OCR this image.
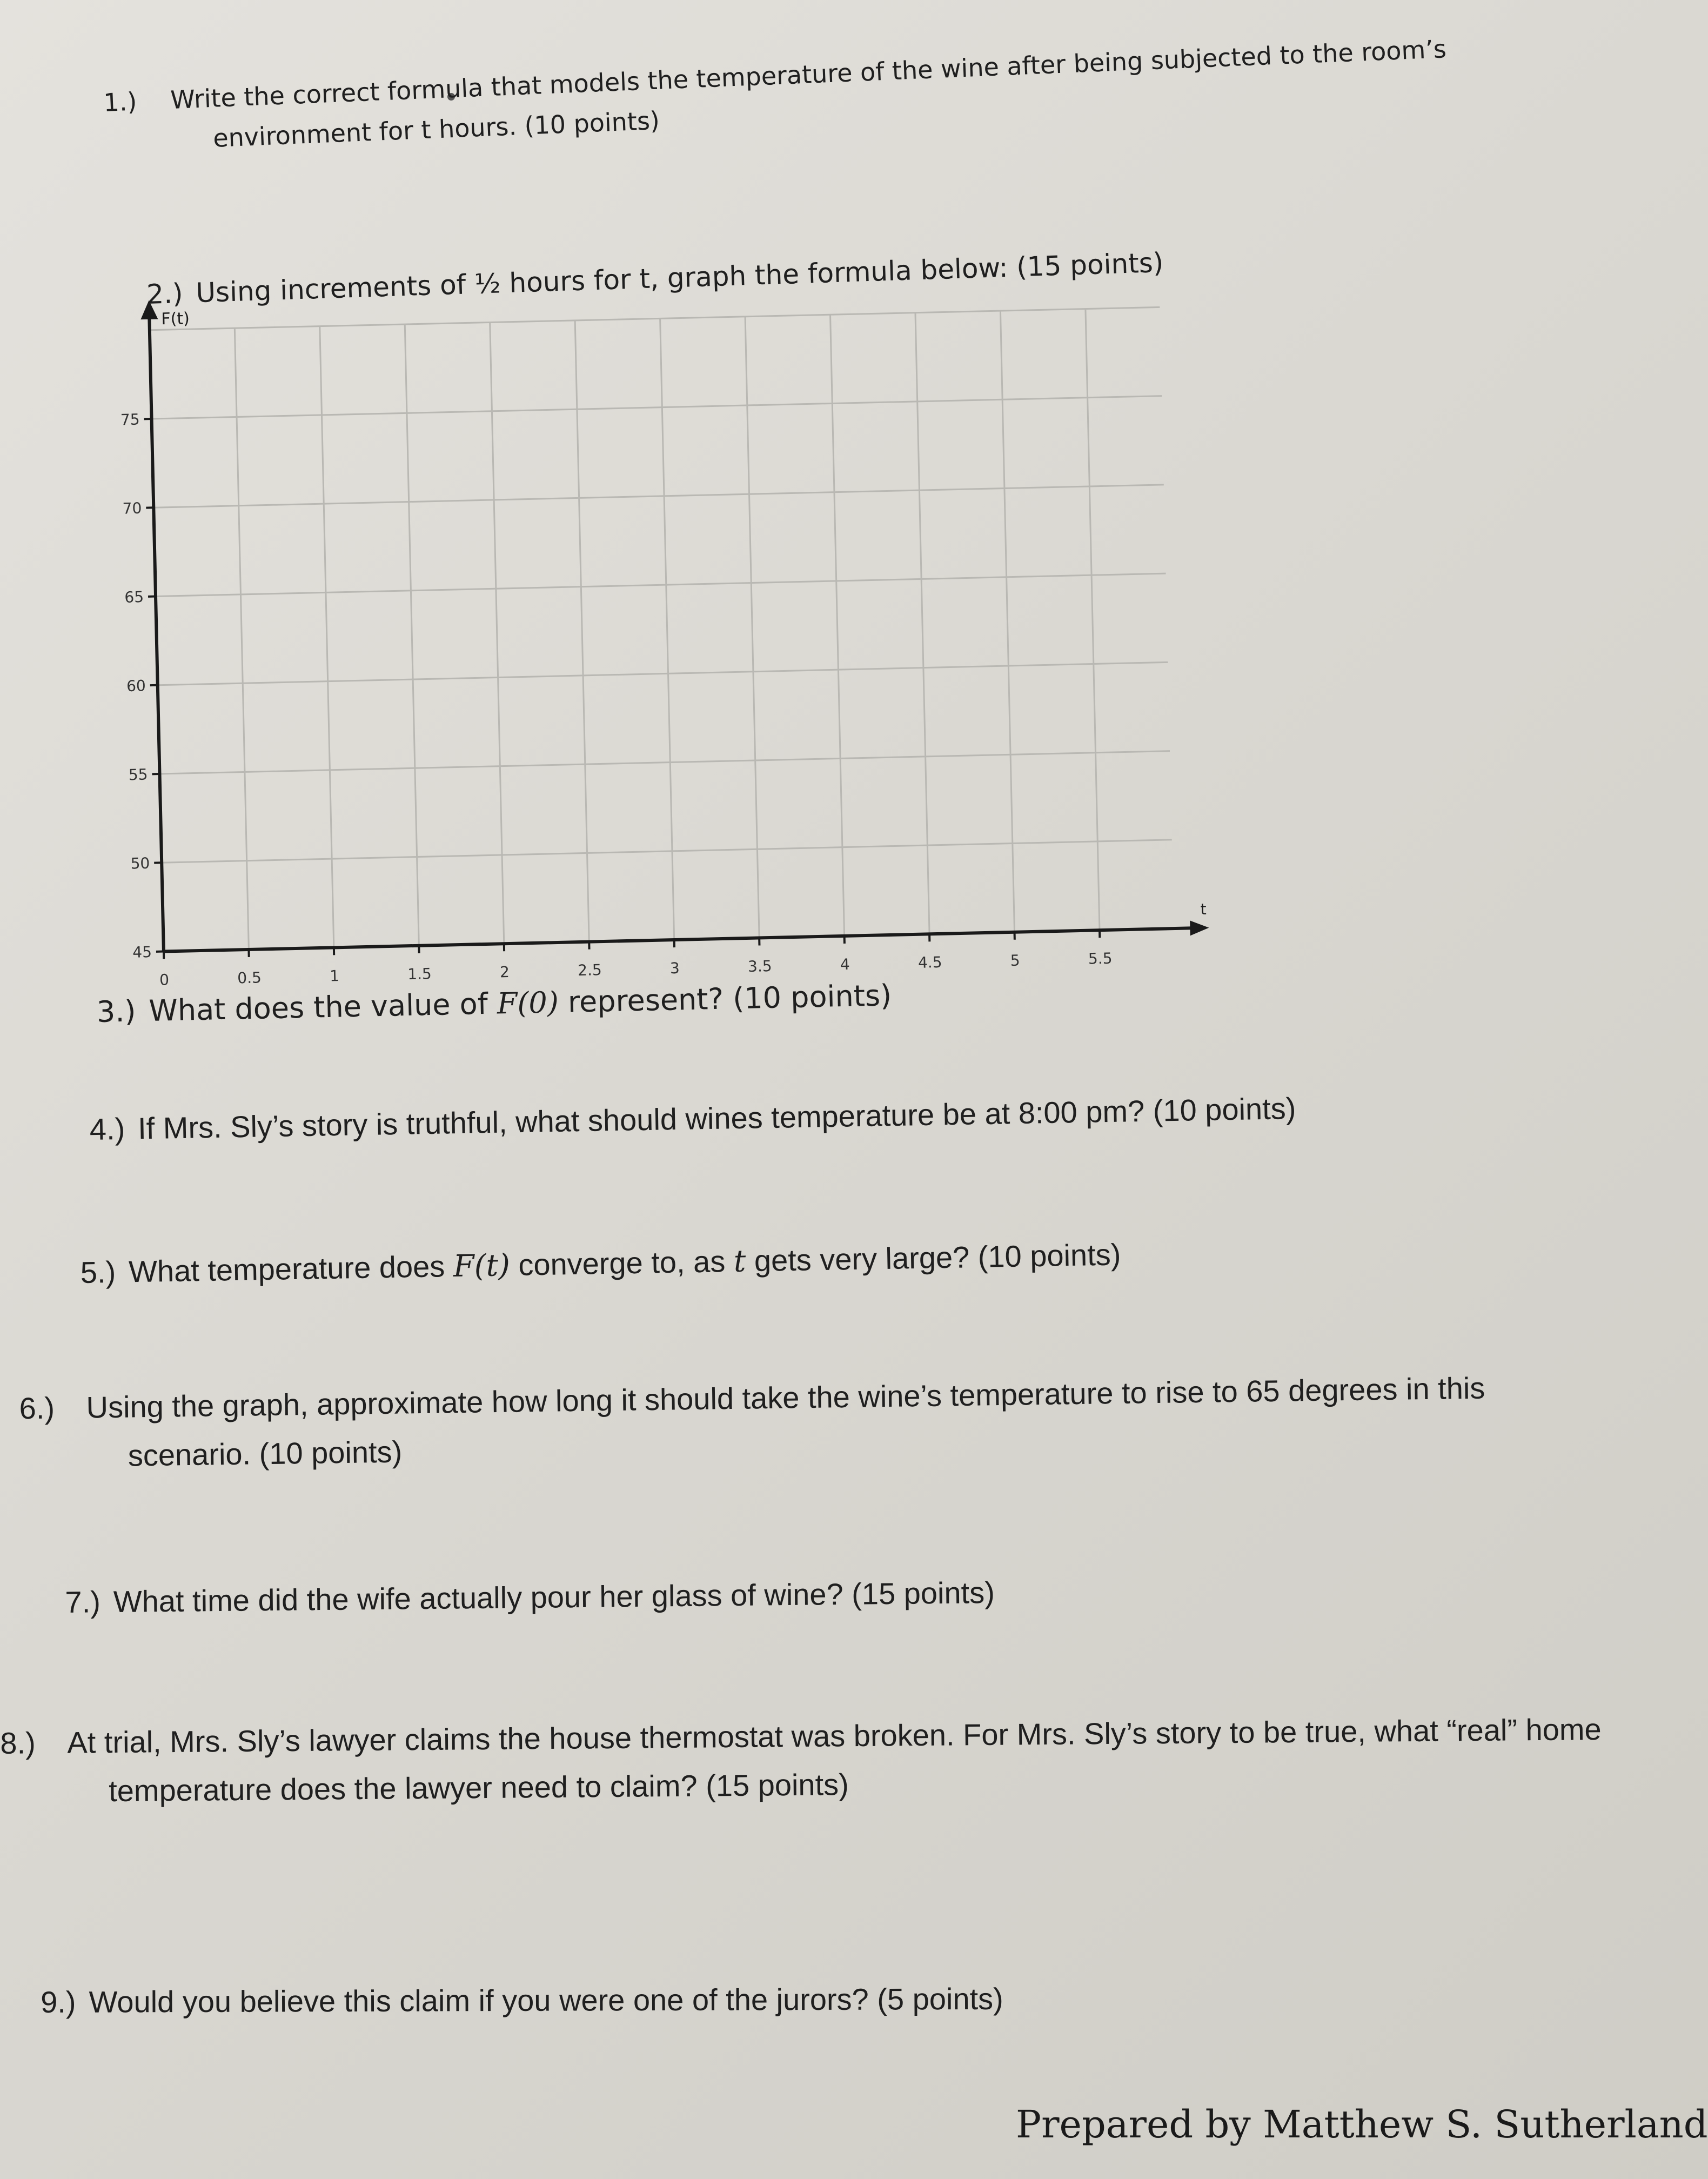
1.) Write the correct formula that models the temperature of the wine after being subjected to the room’s environment for t hours. (10 points)
2.) Using increments of ½ hours for t, graph the formula below: (15 points)
F(t)
t
45
50
55
60
65
70
75
0	0.5	1	1.5	2	2.5	3	3.5	4	4.5	5	5.5
3.) What does the value of F(0) represent? (10 points)
4.) If Mrs. Sly’s story is truthful, what should wines temperature be at 8:00 pm? (10 points)
5.) What temperature does F(t) converge to, as t gets very large? (10 points)
6.) Using the graph, approximate how long it should take the wine’s temperature to rise to 65 degrees in this scenario. (10 points)
7.) What time did the wife actually pour her glass of wine? (15 points)
8.) At trial, Mrs. Sly’s lawyer claims the house thermostat was broken. For Mrs. Sly’s story to be true, what “real” home temperature does the lawyer need to claim? (15 points)
9.) Would you believe this claim if you were one of the jurors? (5 points)
Prepared by Matthew S. Sutherland
